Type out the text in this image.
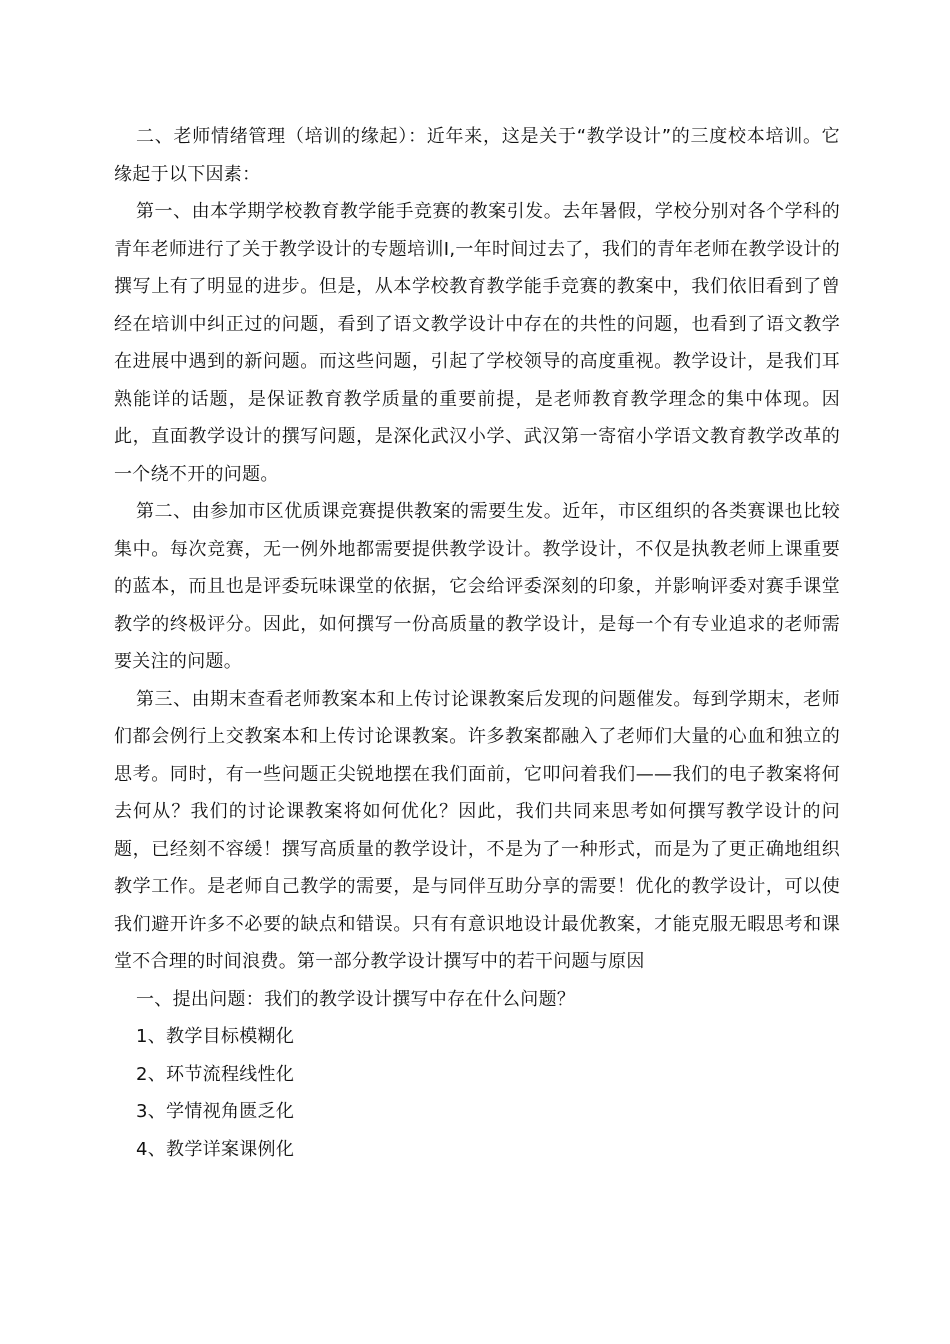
二、老师情绪管理（培训的缘起）：近年来，这是关于“教学设计”的三度校本培训。它缘起于以下因素：

第一、由本学期学校教育教学能手竞赛的教案引发。去年暑假，学校分别对各个学科的青年老师进行了关于教学设计的专题培训Ⅰ,一年时间过去了，我们的青年老师在教学设计的撰写上有了明显的进步。但是，从本学校教育教学能手竞赛的教案中，我们依旧看到了曾经在培训中纠正过的问题，看到了语文教学设计中存在的共性的问题，也看到了语文教学在进展中遇到的新问题。而这些问题，引起了学校领导的高度重视。教学设计，是我们耳熟能详的话题，是保证教育教学质量的重要前提，是老师教育教学理念的集中体现。因此，直面教学设计的撰写问题，是深化武汉小学、武汉第一寄宿小学语文教育教学改革的一个绕不开的问题。

第二、由参加市区优质课竞赛提供教案的需要生发。近年，市区组织的各类赛课也比较集中。每次竞赛，无一例外地都需要提供教学设计。教学设计，不仅是执教老师上课重要的蓝本，而且也是评委玩味课堂的依据，它会给评委深刻的印象，并影响评委对赛手课堂教学的终极评分。因此，如何撰写一份高质量的教学设计，是每一个有专业追求的老师需要关注的问题。

第三、由期末查看老师教案本和上传讨论课教案后发现的问题催发。每到学期末，老师们都会例行上交教案本和上传讨论课教案。许多教案都融入了老师们大量的心血和独立的思考。同时，有一些问题正尖锐地摆在我们面前，它叩问着我们——我们的电子教案将何去何从？我们的讨论课教案将如何优化？因此，我们共同来思考如何撰写教学设计的问题，已经刻不容缓！撰写高质量的教学设计，不是为了一种形式，而是为了更正确地组织教学工作。是老师自己教学的需要，是与同伴互助分享的需要！优化的教学设计，可以使我们避开许多不必要的缺点和错误。只有有意识地设计最优教案，才能克服无暇思考和课堂不合理的时间浪费。第一部分教学设计撰写中的若干问题与原因

一、提出问题：我们的教学设计撰写中存在什么问题？

1、教学目标模糊化

2、环节流程线性化

3、学情视角匮乏化

4、教学详案课例化
